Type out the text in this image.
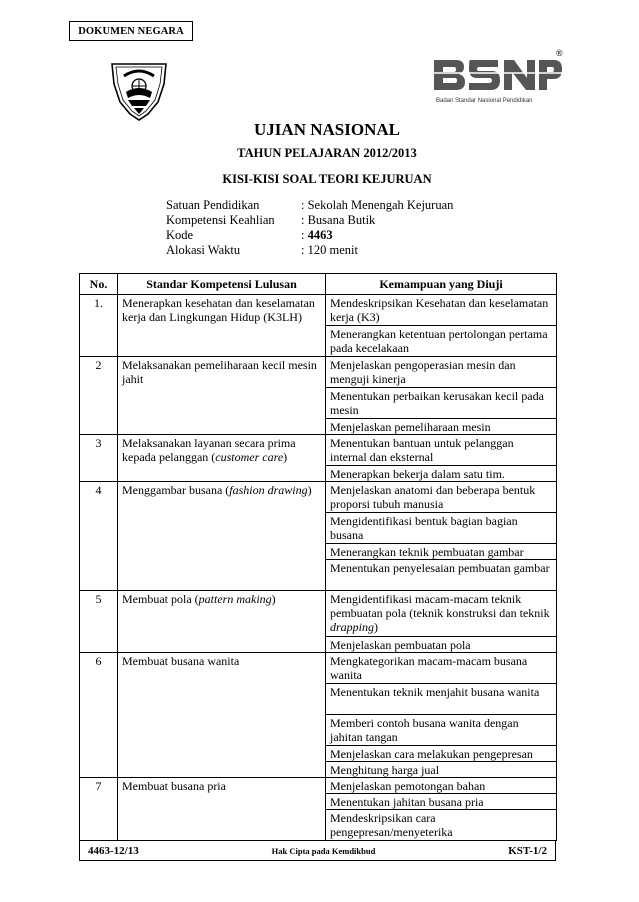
DOKUMEN NEGARA
®
Badan Standar Nasional Pendidikan
UJIAN NASIONAL
TAHUN PELAJARAN 2012/2013
KISI-KISI SOAL TEORI KEJURUAN
Satuan Pendidikan	: Sekolah Menengah Kejuruan
Kompetensi Keahlian	: Busana Butik
Kode	: 4463
Alokasi Waktu	: 120 menit
No.	Standar Kompetensi Lulusan	Kemampuan yang Diuji
1.	Menerapkan kesehatan dan keselamatan kerja dan Lingkungan Hidup (K3LH)	Mendeskripsikan Kesehatan dan keselamatan kerja (K3)
		Menerangkan ketentuan pertolongan pertama pada kecelakaan
2	Melaksanakan pemeliharaan kecil mesin jahit	Menjelaskan pengoperasian mesin dan menguji kinerja
		Menentukan perbaikan kerusakan kecil pada mesin
		Menjelaskan pemeliharaan mesin
3	Melaksanakan layanan secara prima kepada pelanggan (customer care)	Menentukan bantuan untuk pelanggan internal dan eksternal
		Menerapkan bekerja dalam satu tim.
4	Menggambar busana (fashion drawing)	Menjelaskan anatomi dan beberapa bentuk proporsi tubuh manusia
		Mengidentifikasi bentuk bagian bagian busana
		Menerangkan teknik pembuatan gambar
		Menentukan penyelesaian pembuatan gambar
5	Membuat pola (pattern making)	Mengidentifikasi macam-macam teknik pembuatan pola (teknik konstruksi dan teknik drapping)
		Menjelaskan pembuatan pola
6	Membuat busana wanita	Mengkategorikan macam-macam busana wanita
		Menentukan teknik menjahit busana wanita
		Memberi contoh busana wanita dengan jahitan tangan
		Menjelaskan cara melakukan pengepresan
		Menghitung harga jual
7	Membuat busana pria	Menjelaskan pemotongan bahan
		Menentukan jahitan busana pria
		Mendeskripsikan cara pengepresan/menyeterika
4463-12/13	Hak Cipta pada Kemdikbud	KST-1/2
